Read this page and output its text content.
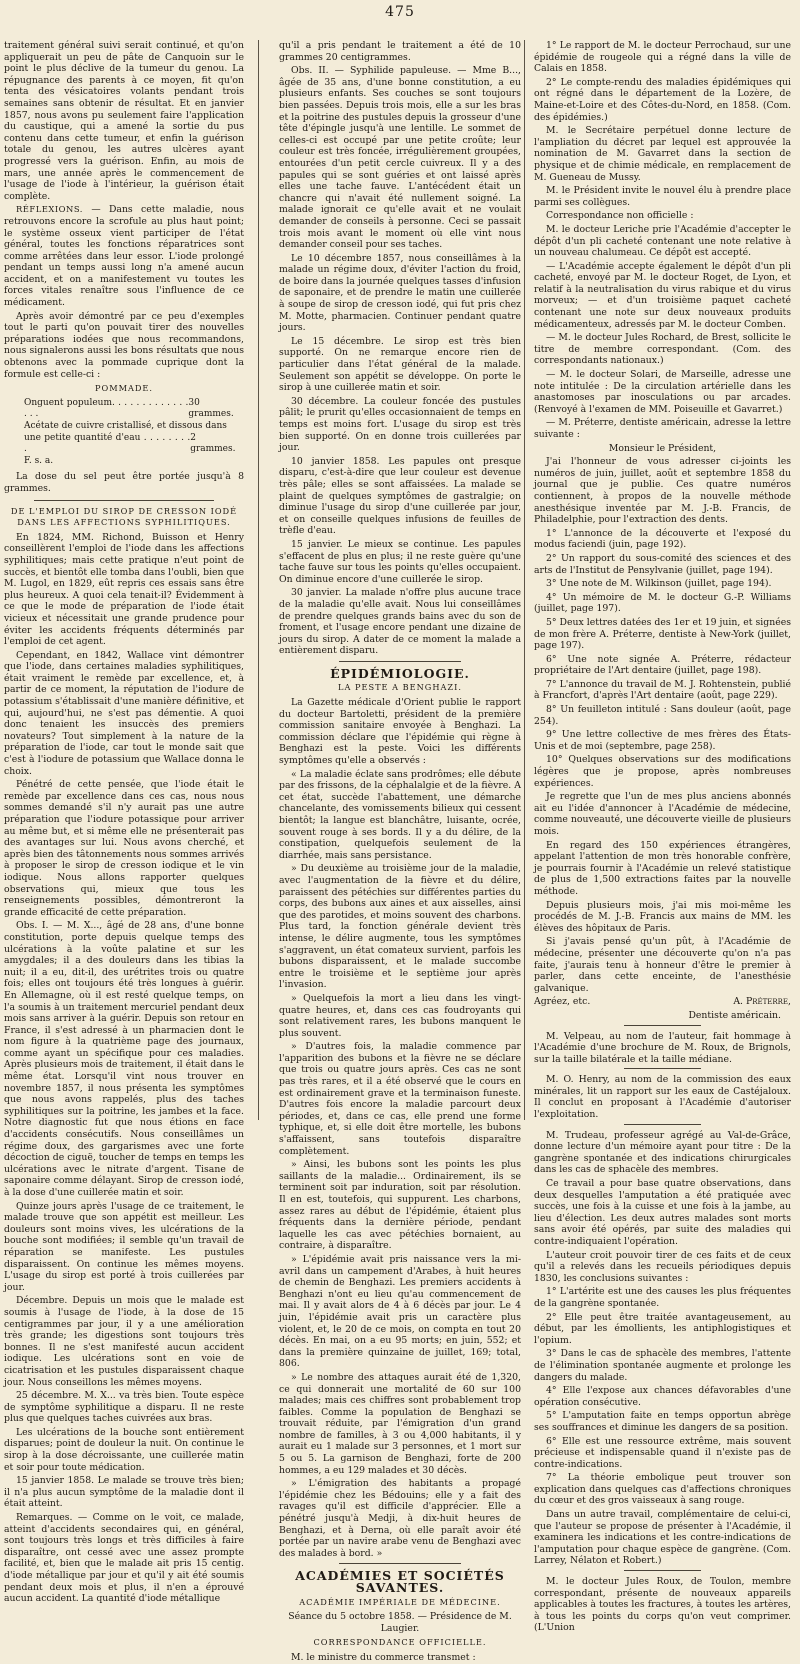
475

traitement général suivi serait continué, et qu'on appliquerait un peu de pâte de Canquoin sur le point le plus déclive de la tumeur du genou. La répugnance des parents à ce moyen, fit qu'on tenta des vésicatoires volants pendant trois semaines sans obtenir de résultat. Et en janvier 1857, nous avons pu seulement faire l'application du caustique, qui a amené la sortie du pus contenu dans cette tumeur, et enfin la guérison totale du genou, les autres ulcères ayant progressé vers la guérison. Enfin, au mois de mars, une année après le commencement de l'usage de l'iode à l'intérieur, la guérison était complète.

RÉFLEXIONS. — Dans cette maladie, nous retrouvons encore la scrofule au plus haut point; le système osseux vient participer de l'état général, toutes les fonctions réparatrices sont comme arrêtées dans leur essor. L'iode prolongé pendant un temps aussi long n'a amené aucun accident, et on a manifestement vu toutes les forces vitales renaître sous l'influence de ce médicament.

Après avoir démontré par ce peu d'exemples tout le parti qu'on pouvait tirer des nouvelles préparations iodées que nous recommandons, nous signalerons aussi les bons résultats que nous obtenons avec la pommade cuprique dont la formule est celle-ci :

POMMADE.
Onguent populeum. . . . . . . . . . . . . . . .
30 grammes.
Acétate de cuivre cristallisé, et dissous dans
une petite quantité d'eau . . . . . . . . .
2 grammes.
F. s. a.

La dose du sel peut être portée jusqu'à 8 grammes.

DE L'EMPLOI DU SIROP DE CRESSON IODÉ DANS LES AFFECTIONS SYPHILITIQUES.

En 1824, MM. Richond, Buisson et Henry conseillèrent l'emploi de l'iode dans les affections syphilitiques; mais cette pratique n'eut point de succès, et bientôt elle tomba dans l'oubli, bien que M. Lugol, en 1829, eût repris ces essais sans être plus heureux. A quoi cela tenait-il? Évidemment à ce que le mode de préparation de l'iode était vicieux et nécessitait une grande prudence pour éviter les accidents fréquents déterminés par l'emploi de cet agent.

Cependant, en 1842, Wallace vint démontrer que l'iode, dans certaines maladies syphilitiques, était vraiment le remède par excellence, et, à partir de ce moment, la réputation de l'iodure de potassium s'établissait d'une manière définitive, et qui, aujourd'hui, ne s'est pas démentie. A quoi donc tenaient les insuccès des premiers novateurs? Tout simplement à la nature de la préparation de l'iode, car tout le monde sait que c'est à l'iodure de potassium que Wallace donna le choix.

Pénétré de cette pensée, que l'iode était le remède par excellence dans ces cas, nous nous sommes demandé s'il n'y aurait pas une autre préparation que l'iodure potassique pour arriver au même but, et si même elle ne présenterait pas des avantages sur lui. Nous avons cherché, et après bien des tâtonnements nous sommes arrivés à proposer le sirop de cresson iodique et le vin iodique. Nous allons rapporter quelques observations qui, mieux que tous les renseignements possibles, démontreront la grande efficacité de cette préparation.

Obs. I. — M. X..., âgé de 28 ans, d'une bonne constitution, porte depuis quelque temps des ulcérations à la voûte palatine et sur les amygdales; il a des douleurs dans les tibias la nuit; il a eu, dit-il, des urétrites trois ou quatre fois; elles ont toujours été très longues à guérir. En Allemagne, où il est resté quelque temps, on l'a soumis à un traitement mercuriel pendant deux mois sans arriver à la guérir. Depuis son retour en France, il s'est adressé à un pharmacien dont le nom figure à la quatrième page des journaux, comme ayant un spécifique pour ces maladies. Après plusieurs mois de traitement, il était dans le même état. Lorsqu'il vint nous trouver en novembre 1857, il nous présenta les symptômes que nous avons rappelés, plus des taches syphilitiques sur la poitrine, les jambes et la face. Notre diagnostic fut que nous étions en face d'accidents consécutifs. Nous conseillâmes un régime doux, des gargarismes avec une forte décoction de ciguë, toucher de temps en temps les ulcérations avec le nitrate d'argent. Tisane de saponaire comme délayant. Sirop de cresson iodé, à la dose d'une cuillerée matin et soir.

Quinze jours après l'usage de ce traitement, le malade trouve que son appétit est meilleur. Les douleurs sont moins vives, les ulcérations de la bouche sont modifiées; il semble qu'un travail de réparation se manifeste. Les pustules disparaissent. On continue les mêmes moyens. L'usage du sirop est porté à trois cuillerées par jour.

Décembre. Depuis un mois que le malade est soumis à l'usage de l'iode, à la dose de 15 centigrammes par jour, il y a une amélioration très grande; les digestions sont toujours très bonnes. Il ne s'est manifesté aucun accident iodique. Les ulcérations sont en voie de cicatrisation et les pustules disparaissent chaque jour. Nous conseillons les mêmes moyens.

25 décembre. M. X... va très bien. Toute espèce de symptôme syphilitique a disparu. Il ne reste plus que quelques taches cuivrées aux bras.

Les ulcérations de la bouche sont entièrement disparues; point de douleur la nuit. On continue le sirop à la dose décroissante, une cuillerée matin et soir pour toute médication.

15 janvier 1858. Le malade se trouve très bien; il n'a plus aucun symptôme de la maladie dont il était atteint.

Remarques. — Comme on le voit, ce malade, atteint d'accidents secondaires qui, en général, sont toujours très longs et très difficiles à faire disparaître, ont cessé avec une assez prompte facilité, et, bien que le malade ait pris 15 centig. d'iode métallique par jour et qu'il y ait été soumis pendant deux mois et plus, il n'en a éprouvé aucun accident. La quantité d'iode métallique

qu'il a pris pendant le traitement a été de 10 grammes 20 centigrammes.

Obs. II. — Syphilide papuleuse. — Mme B..., âgée de 35 ans, d'une bonne constitution, a eu plusieurs enfants. Ses couches se sont toujours bien passées. Depuis trois mois, elle a sur les bras et la poitrine des pustules depuis la grosseur d'une tête d'épingle jusqu'à une lentille. Le sommet de celles-ci est occupé par une petite croûte; leur couleur est très foncée, irrégulièrement groupées, entourées d'un petit cercle cuivreux. Il y a des papules qui se sont guéries et ont laissé après elles une tache fauve. L'antécédent était un chancre qui n'avait été nullement soigné. La malade ignorait ce qu'elle avait et ne voulait demander de conseils à personne. Ceci se passait trois mois avant le moment où elle vint nous demander conseil pour ses taches.

Le 10 décembre 1857, nous conseillâmes à la malade un régime doux, d'éviter l'action du froid, de boire dans la journée quelques tasses d'infusion de saponaire, et de prendre le matin une cuillerée à soupe de sirop de cresson iodé, qui fut pris chez M. Motte, pharmacien. Continuer pendant quatre jours.

Le 15 décembre. Le sirop est très bien supporté. On ne remarque encore rien de particulier dans l'état général de la malade. Seulement son appétit se développe. On porte le sirop à une cuillerée matin et soir.

30 décembre. La couleur foncée des pustules pâlit; le prurit qu'elles occasionnaient de temps en temps est moins fort. L'usage du sirop est très bien supporté. On en donne trois cuillerées par jour.

10 janvier 1858. Les papules ont presque disparu, c'est-à-dire que leur couleur est devenue très pâle; elles se sont affaissées. La malade se plaint de quelques symptômes de gastralgie; on diminue l'usage du sirop d'une cuillerée par jour, et on conseille quelques infusions de feuilles de trèfle d'eau.

15 janvier. Le mieux se continue. Les papules s'effacent de plus en plus; il ne reste guère qu'une tache fauve sur tous les points qu'elles occupaient. On diminue encore d'une cuillerée le sirop.

30 janvier. La malade n'offre plus aucune trace de la maladie qu'elle avait. Nous lui conseillâmes de prendre quelques grands bains avec du son de froment, et l'usage encore pendant une dizaine de jours du sirop. A dater de ce moment la malade a entièrement disparu.

ÉPIDÉMIOLOGIE.
LA PESTE A BENGHAZI.

La Gazette médicale d'Orient publie le rapport du docteur Bartoletti, président de la première commission sanitaire envoyée à Benghazi. La commission déclare que l'épidémie qui règne à Benghazi est la peste. Voici les différents symptômes qu'elle a observés :

« La maladie éclate sans prodrômes; elle débute par des frissons, de la céphalalgie et de la fièvre. A cet état, succède l'abattement, une démarche chancelante, des vomissements bilieux qui cessent bientôt; la langue est blanchâtre, luisante, ocrée, souvent rouge à ses bords. Il y a du délire, de la constipation, quelquefois seulement de la diarrhée, mais sans persistance.

» Du deuxième au troisième jour de la maladie, avec l'augmentation de la fièvre et du délire, paraissent des pétéchies sur différentes parties du corps, des bubons aux aines et aux aisselles, ainsi que des parotides, et moins souvent des charbons. Plus tard, la fonction générale devient très intense, le délire augmente, tous les symptômes s'aggravent, un état comateux survient, parfois les bubons disparaissent, et le malade succombe entre le troisième et le septième jour après l'invasion.

» Quelquefois la mort a lieu dans les vingt-quatre heures, et, dans ces cas foudroyants qui sont relativement rares, les bubons manquent le plus souvent.

» D'autres fois, la maladie commence par l'apparition des bubons et la fièvre ne se déclare que trois ou quatre jours après. Ces cas ne sont pas très rares, et il a été observé que le cours en est ordinairement grave et la terminaison funeste. D'autres fois encore la maladie parcourt deux périodes, et, dans ce cas, elle prend une forme typhique, et, si elle doit être mortelle, les bubons s'affaissent, sans toutefois disparaître complètement.

» Ainsi, les bubons sont les points les plus saillants de la maladie... Ordinairement, ils se terminent soit par induration, soit par résolution. Il en est, toutefois, qui suppurent. Les charbons, assez rares au début de l'épidémie, étaient plus fréquents dans la dernière période, pendant laquelle les cas avec pétéchies bornaient, au contraire, à disparaître.

» L'épidémie avait pris naissance vers la mi-avril dans un campement d'Arabes, à huit heures de chemin de Benghazi. Les premiers accidents à Benghazi n'ont eu lieu qu'au commencement de mai. Il y avait alors de 4 à 6 décès par jour. Le 4 juin, l'épidémie avait pris un caractère plus violent, et, le 20 de ce mois, on compta en tout 20 décès. En mai, on a eu 95 morts; en juin, 552; et dans la première quinzaine de juillet, 169; total, 806.

» Le nombre des attaques aurait été de 1,320, ce qui donnerait une mortalité de 60 sur 100 malades; mais ces chiffres sont probablement trop faibles. Comme la population de Benghazi se trouvait réduite, par l'émigration d'un grand nombre de familles, à 3 ou 4,000 habitants, il y aurait eu 1 malade sur 3 personnes, et 1 mort sur 5 ou 5. La garnison de Benghazi, forte de 200 hommes, a eu 129 malades et 30 décès.

» L'émigration des habitants a propagé l'épidémie chez les Bédouins; elle y a fait des ravages qu'il est difficile d'apprécier. Elle a pénétré jusqu'à Medji, à dix-huit heures de Benghazi, et à Derna, où elle paraît avoir été portée par un navire arabe venu de Benghazi avec des malades à bord. »

ACADÉMIES ET SOCIÉTÉS SAVANTES.
ACADÉMIE IMPÉRIALE DE MÉDECINE.

Séance du 5 octobre 1858. — Présidence de M. Laugier.

CORRESPONDANCE OFFICIELLE.

M. le ministre du commerce transmet :

1° Le rapport de M. le docteur Perrochaud, sur une épidémie de rougeole qui a régné dans la ville de Calais en 1858.

2° Le compte-rendu des maladies épidémiques qui ont régné dans le département de la Lozère, de Maine-et-Loire et des Côtes-du-Nord, en 1858. (Com. des épidémies.)

M. le Secrétaire perpétuel donne lecture de l'ampliation du décret par lequel est approuvée la nomination de M. Gavarret dans la section de physique et de chimie médicale, en remplacement de M. Gueneau de Mussy.

M. le Président invite le nouvel élu à prendre place parmi ses collègues.

Correspondance non officielle :

M. le docteur Leriche prie l'Académie d'accepter le dépôt d'un pli cacheté contenant une note relative à un nouveau chalumeau. Ce dépôt est accepté.

— L'Académie accepte également le dépôt d'un pli cacheté, envoyé par M. le docteur Roget, de Lyon, et relatif à la neutralisation du virus rabique et du virus morveux; — et d'un troisième paquet cacheté contenant une note sur deux nouveaux produits médicamenteux, adressés par M. le docteur Comben.

— M. le docteur Jules Rochard, de Brest, sollicite le titre de membre correspondant. (Com. des correspondants nationaux.)

— M. le docteur Solari, de Marseille, adresse une note intitulée : De la circulation artérielle dans les anastomoses par inosculations ou par arcades. (Renvoyé à l'examen de MM. Poiseuille et Gavarret.)

— M. Préterre, dentiste américain, adresse la lettre suivante :

Monsieur le Président,

J'ai l'honneur de vous adresser ci-joints les numéros de juin, juillet, août et septembre 1858 du journal que je publie. Ces quatre numéros contiennent, à propos de la nouvelle méthode anesthésique inventée par M. J.-B. Francis, de Philadelphie, pour l'extraction des dents.

1° L'annonce de la découverte et l'exposé du modus faciendi (juin, page 192).

2° Un rapport du sous-comité des sciences et des arts de l'Institut de Pensylvanie (juillet, page 194).

3° Une note de M. Wilkinson (juillet, page 194).

4° Un mémoire de M. le docteur G.-P. Williams (juillet, page 197).

5° Deux lettres datées des 1er et 19 juin, et signées de mon frère A. Préterre, dentiste à New-York (juillet, page 197).

6° Une note signée A. Préterre, rédacteur propriétaire de l'Art dentaire (juillet, page 198).

7° L'annonce du travail de M. J. Rohtenstein, publié à Francfort, d'après l'Art dentaire (août, page 229).

8° Un feuilleton intitulé : Sans douleur (août, page 254).

9° Une lettre collective de mes frères des États-Unis et de moi (septembre, page 258).

10° Quelques observations sur des modifications légères que je propose, après nombreuses expériences.

Je regrette que l'un de mes plus anciens abonnés ait eu l'idée d'annoncer à l'Académie de médecine, comme nouveauté, une découverte vieille de plusieurs mois.

En regard des 150 expériences étrangères, appelant l'attention de mon très honorable confrère, je pourrais fournir à l'Académie un relevé statistique de plus de 1,500 extractions faites par la nouvelle méthode.

Depuis plusieurs mois, j'ai mis moi-même les procédés de M. J.-B. Francis aux mains de MM. les élèves des hôpitaux de Paris.

Si j'avais pensé qu'un pût, à l'Académie de médecine, présenter une découverte qu'on n'a pas faite, j'aurais tenu à honneur d'être le premier à parler, dans cette enceinte, de l'anesthésie galvanique.

Agréez, etc.	A. Préterre,

Dentiste américain.

M. Velpeau, au nom de l'auteur, fait hommage à l'Académie d'une brochure de M. Roux, de Brignols, sur la taille bilatérale et la taille médiane.

M. O. Henry, au nom de la commission des eaux minérales, lit un rapport sur les eaux de Castéjaloux. Il conclut en proposant à l'Académie d'autoriser l'exploitation.

M. Trudeau, professeur agrégé au Val-de-Grâce, donne lecture d'un mémoire ayant pour titre : De la gangrène spontanée et des indications chirurgicales dans les cas de sphacèle des membres.

Ce travail a pour base quatre observations, dans deux desquelles l'amputation a été pratiquée avec succès, une fois à la cuisse et une fois à la jambe, au lieu d'élection. Les deux autres malades sont morts sans avoir été opérés, par suite des maladies qui contre-indiquaient l'opération.

L'auteur croit pouvoir tirer de ces faits et de ceux qu'il a relevés dans les recueils périodiques depuis 1830, les conclusions suivantes :

1° L'artérite est une des causes les plus fréquentes de la gangrène spontanée.

2° Elle peut être traitée avantageusement, au début, par les émollients, les antiphlogistiques et l'opium.

3° Dans le cas de sphacèle des membres, l'attente de l'élimination spontanée augmente et prolonge les dangers du malade.

4° Elle l'expose aux chances défavorables d'une opération consécutive.

5° L'amputation faite en temps opportun abrège ses souffrances et diminue les dangers de sa position.

6° Elle est une ressource extrême, mais souvent précieuse et indispensable quand il n'existe pas de contre-indications.

7° La théorie embolique peut trouver son explication dans quelques cas d'affections chroniques du cœur et des gros vaisseaux à sang rouge.

Dans un autre travail, complémentaire de celui-ci, que l'auteur se propose de présenter à l'Académie, il examinera les indications et les contre-indications de l'amputation pour chaque espèce de gangrène. (Com. Larrey, Nélaton et Robert.)

M. le docteur Jules Roux, de Toulon, membre correspondant, présente de nouveaux appareils applicables à toutes les fractures, à toutes les artères, à tous les points du corps qu'on veut comprimer. (L'Union
